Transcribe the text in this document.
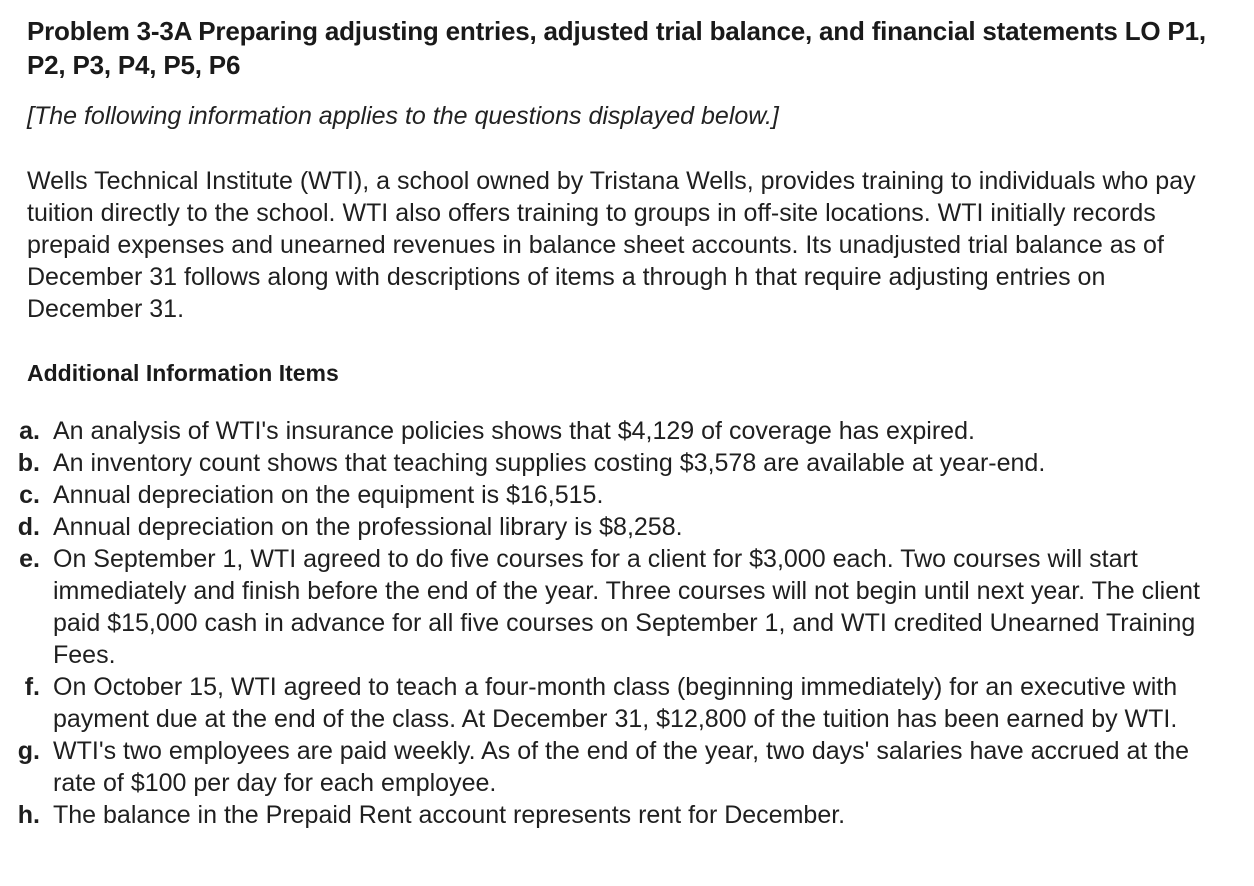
Problem 3-3A Preparing adjusting entries, adjusted trial balance, and financial statements LO P1, P2, P3, P4, P5, P6

[The following information applies to the questions displayed below.]

Wells Technical Institute (WTI), a school owned by Tristana Wells, provides training to individuals who pay tuition directly to the school. WTI also offers training to groups in off-site locations. WTI initially records prepaid expenses and unearned revenues in balance sheet accounts. Its unadjusted trial balance as of December 31 follows along with descriptions of items a through h that require adjusting entries on December 31.

Additional Information Items
a. An analysis of WTI's insurance policies shows that $4,129 of coverage has expired.
b. An inventory count shows that teaching supplies costing $3,578 are available at year-end.
c. Annual depreciation on the equipment is $16,515.
d. Annual depreciation on the professional library is $8,258.
e. On September 1, WTI agreed to do five courses for a client for $3,000 each. Two courses will start immediately and finish before the end of the year. Three courses will not begin until next year. The client paid $15,000 cash in advance for all five courses on September 1, and WTI credited Unearned Training Fees.
f. On October 15, WTI agreed to teach a four-month class (beginning immediately) for an executive with payment due at the end of the class. At December 31, $12,800 of the tuition has been earned by WTI.
g. WTI's two employees are paid weekly. As of the end of the year, two days' salaries have accrued at the rate of $100 per day for each employee.
h. The balance in the Prepaid Rent account represents rent for December.
